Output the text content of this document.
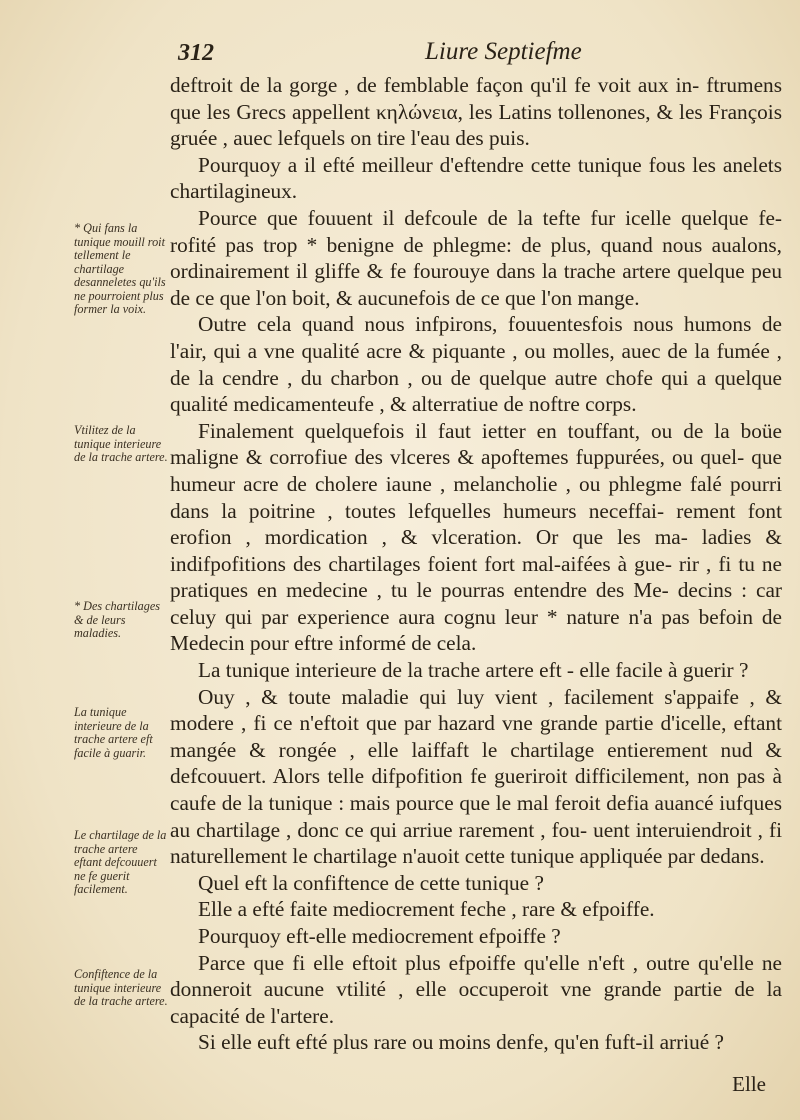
312	Liure Septiefme

deftroit de la gorge , de femblable façon qu'il fe voit aux in- ftrumens que les Grecs appellent κηλώνεια, les Latins tollenones, & les François gruée , auec lefquels on tire l'eau des puis.

Pourquoy a il efté meilleur d'eftendre cette tunique fous les anelets chartilagineux.

Pource que fouuent il defcoule de la tefte fur icelle quelque fe- rofité pas trop * benigne de phlegme: de plus, quand nous aualons, ordinairement il gliffe & fe fourouye dans la trache artere quelque peu de ce que l'on boit, & aucunefois de ce que l'on mange.

Outre cela quand nous infpirons, fouuentesfois nous humons de l'air, qui a vne qualité acre & piquante , ou molles, auec de la fumée , de la cendre , du charbon , ou de quelque autre chofe qui a quelque qualité medicamenteufe , & alterratiue de noftre corps.

Finalement quelquefois il faut ietter en touffant, ou de la boüe maligne & corrofiue des vlceres & apoftemes fuppurées, ou quel- que humeur acre de cholere iaune , melancholie , ou phlegme falé pourri dans la poitrine , toutes lefquelles humeurs neceffai- rement font erofion , mordication , & vlceration. Or que les ma- ladies & indifpofitions des chartilages foient fort mal-aifées à gue- rir , fi tu ne pratiques en medecine , tu le pourras entendre des Me- decins : car celuy qui par experience aura cognu leur * nature n'a pas befoin de Medecin pour eftre informé de cela.

La tunique interieure de la trache artere eft - elle facile à guerir ?

Ouy , & toute maladie qui luy vient , facilement s'appaife , & modere , fi ce n'eftoit que par hazard vne grande partie d'icelle, eftant mangée & rongée , elle laiffaft le chartilage entierement nud & defcouuert. Alors telle difpofition fe gueriroit difficilement, non pas à caufe de la tunique : mais pource que le mal feroit defia auancé iufques au chartilage , donc ce qui arriue rarement , fou- uent interuiendroit , fi naturellement le chartilage n'auoit cette tunique appliquée par dedans.

Quel eft la confiftence de cette tunique ?

Elle a efté faite mediocrement feche , rare & efpoiffe.

Pourquoy eft-elle mediocrement efpoiffe ?

Parce que fi elle eftoit plus efpoiffe qu'elle n'eft , outre qu'elle ne donneroit aucune vtilité , elle occuperoit vne grande partie de la capacité de l'artere.

Si elle euft efté plus rare ou moins denfe, qu'en fuft-il arriué ?

* Qui fans la tunique mouill roit tellement le chartilage desanneletes qu'ils ne pourroient plus former la voix.
Vtilitez de la tunique interieure de la trache artere.
* Des chartilages & de leurs maladies.
La tunique interieure de la trache artere eft facile à guarir.
Le chartilage de la trache artere eftant defcouuert ne fe guerit facilement.
Confiftence de la tunique interieure de la trache artere.
Elle
